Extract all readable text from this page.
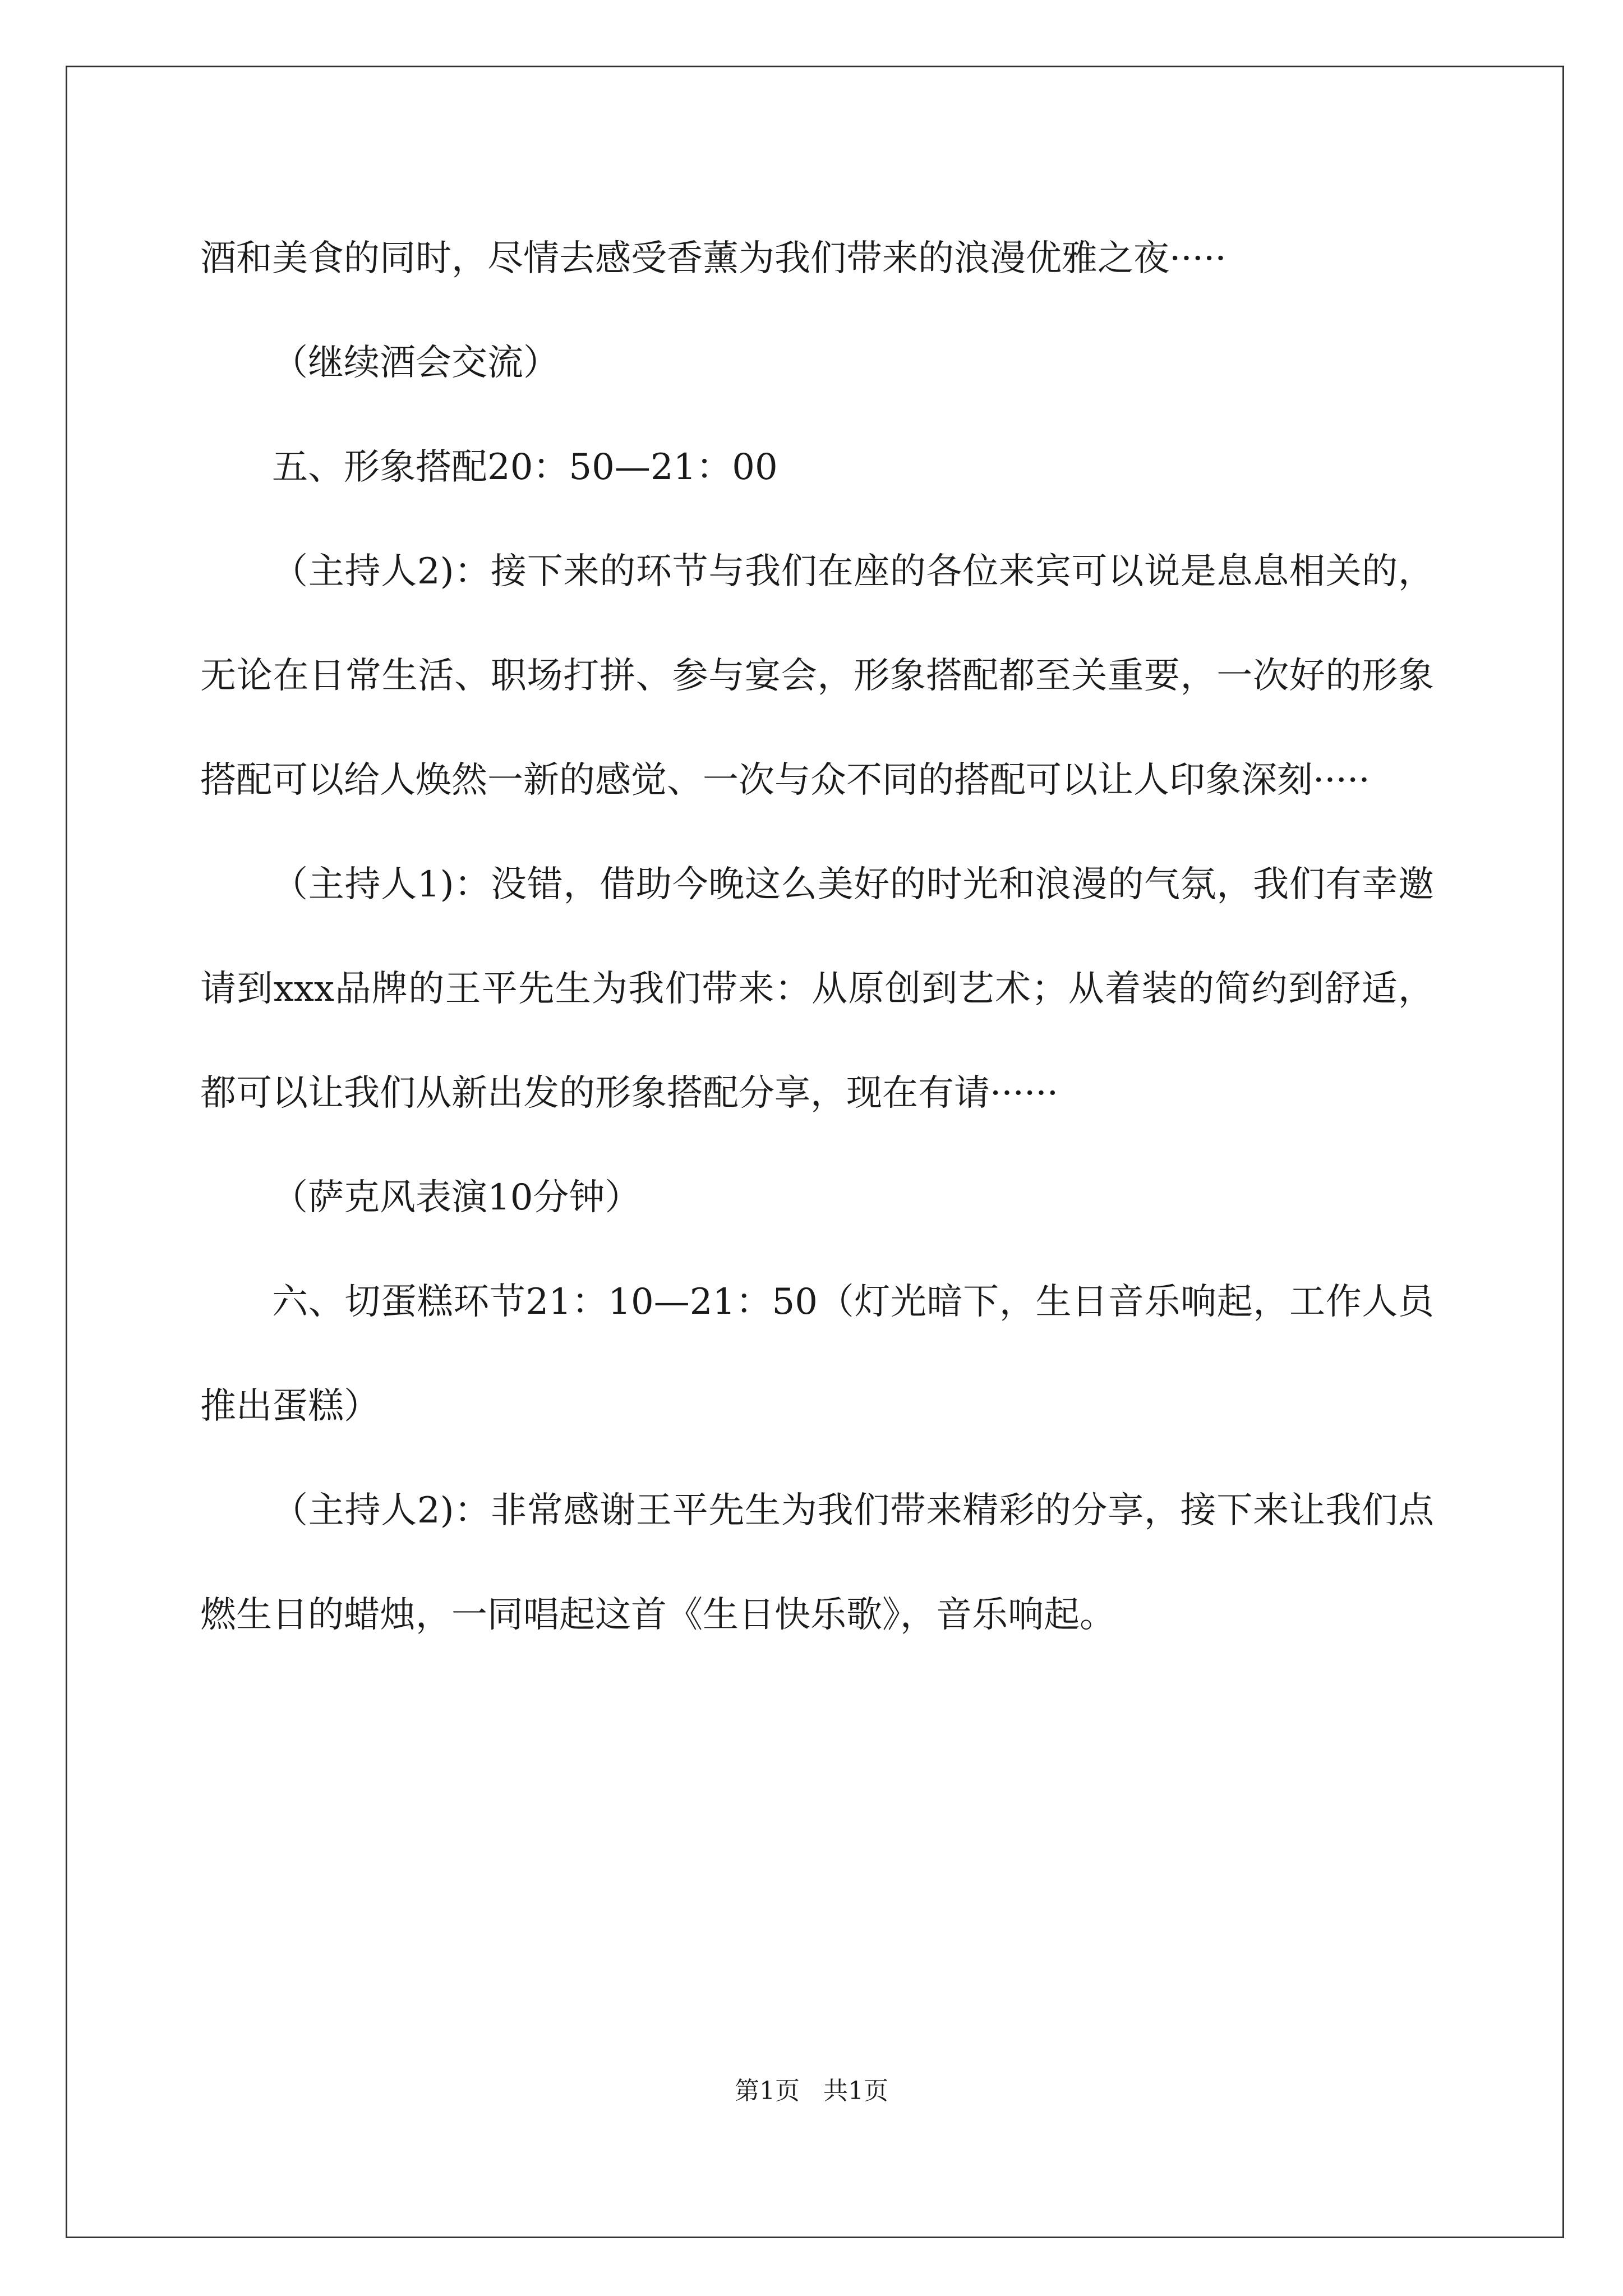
酒和美食的同时，尽情去感受香薰为我们带来的浪漫优雅之夜·····

（继续酒会交流）

五、形象搭配20：50—21：00

（主持人2)：接下来的环节与我们在座的各位来宾可以说是息息相关的，无论在日常生活、职场打拼、参与宴会，形象搭配都至关重要，一次好的形象搭配可以给人焕然一新的感觉、一次与众不同的搭配可以让人印象深刻·····

（主持人1)：没错，借助今晚这么美好的时光和浪漫的气氛，我们有幸邀请到xxx品牌的王平先生为我们带来：从原创到艺术；从着装的简约到舒适，都可以让我们从新出发的形象搭配分享，现在有请······

（萨克风表演10分钟）

六、切蛋糕环节21：10—21：50（灯光暗下，生日音乐响起，工作人员推出蛋糕）

（主持人2)：非常感谢王平先生为我们带来精彩的分享，接下来让我们点燃生日的蜡烛，一同唱起这首《生日快乐歌》，音乐响起。

第1页 共1页
